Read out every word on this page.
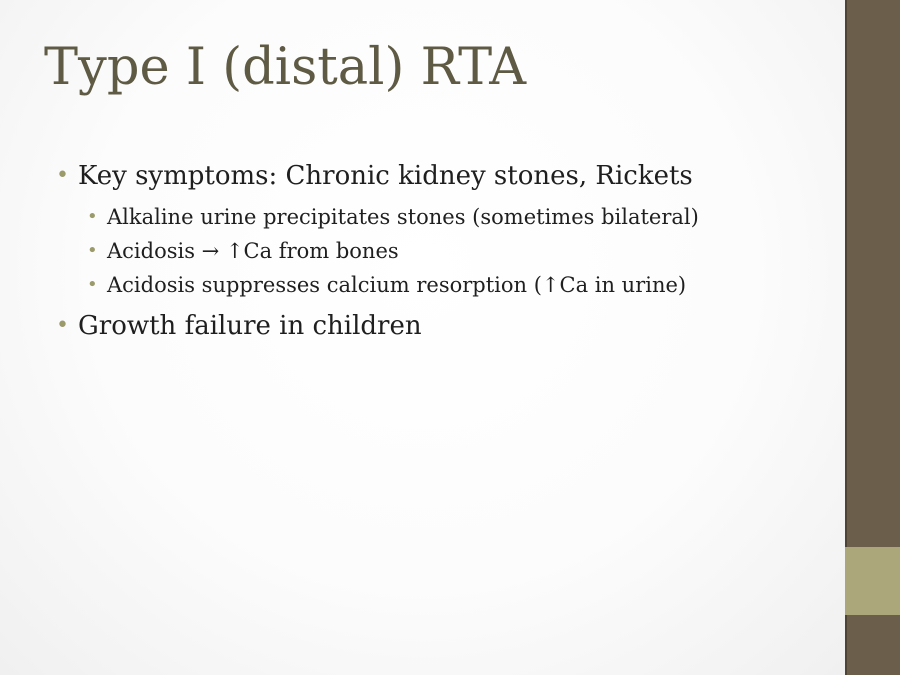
Type I (distal) RTA
• Key symptoms: Chronic kidney stones, Rickets
• Alkaline urine precipitates stones (sometimes bilateral)
• Acidosis → ↑Ca from bones
• Acidosis suppresses calcium resorption (↑Ca in urine)
• Growth failure in children
